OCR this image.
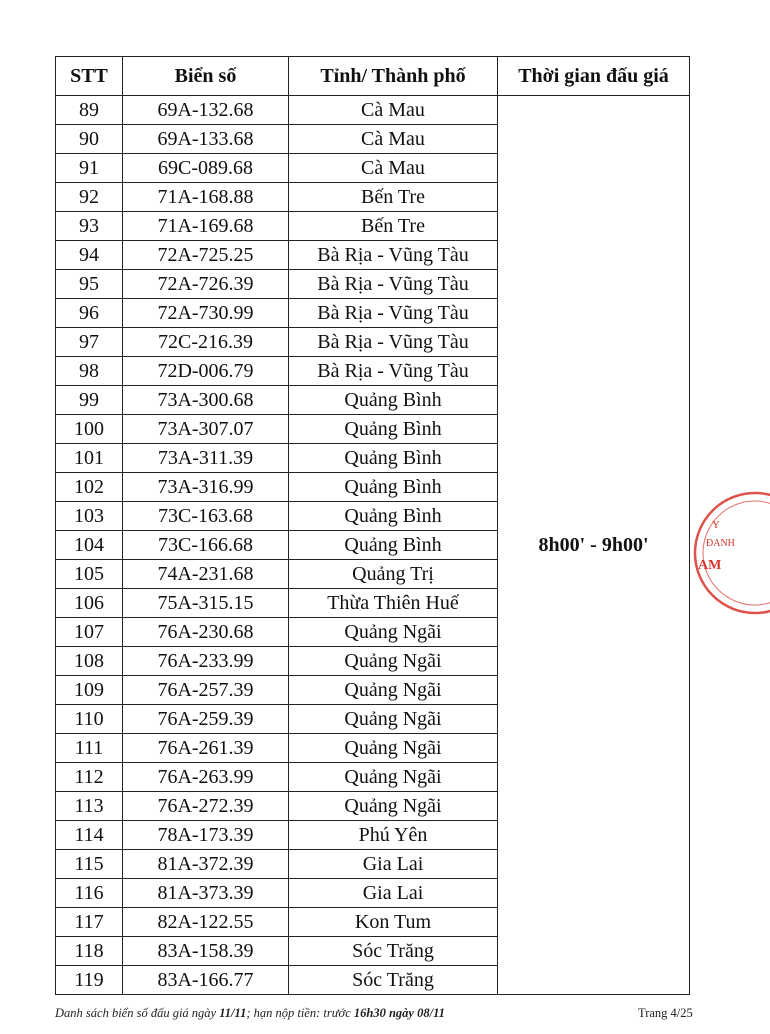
STT	Biển số	Tỉnh/ Thành phố	Thời gian đấu giá
89	69A-132.68	Cà Mau	8h00' - 9h00'
90	69A-133.68	Cà Mau	
91	69C-089.68	Cà Mau	
92	71A-168.88	Bến Tre	
93	71A-169.68	Bến Tre	
94	72A-725.25	Bà Rịa - Vũng Tàu	
95	72A-726.39	Bà Rịa - Vũng Tàu	
96	72A-730.99	Bà Rịa - Vũng Tàu	
97	72C-216.39	Bà Rịa - Vũng Tàu	
98	72D-006.79	Bà Rịa - Vũng Tàu	
99	73A-300.68	Quảng Bình	
100	73A-307.07	Quảng Bình	
101	73A-311.39	Quảng Bình	
102	73A-316.99	Quảng Bình	
103	73C-163.68	Quảng Bình	
104	73C-166.68	Quảng Bình	
105	74A-231.68	Quảng Trị	
106	75A-315.15	Thừa Thiên Huế	
107	76A-230.68	Quảng Ngãi	
108	76A-233.99	Quảng Ngãi	
109	76A-257.39	Quảng Ngãi	
110	76A-259.39	Quảng Ngãi	
111	76A-261.39	Quảng Ngãi	
112	76A-263.99	Quảng Ngãi	
113	76A-272.39	Quảng Ngãi	
114	78A-173.39	Phú Yên	
115	81A-372.39	Gia Lai	
116	81A-373.39	Gia Lai	
117	82A-122.55	Kon Tum	
118	83A-158.39	Sóc Trăng	
119	83A-166.77	Sóc Trăng	
Danh sách biển số đấu giá ngày 11/11; hạn nộp tiền: trước 16h30 ngày 08/11	Trang 4/25
Y
ĐANH
AM
